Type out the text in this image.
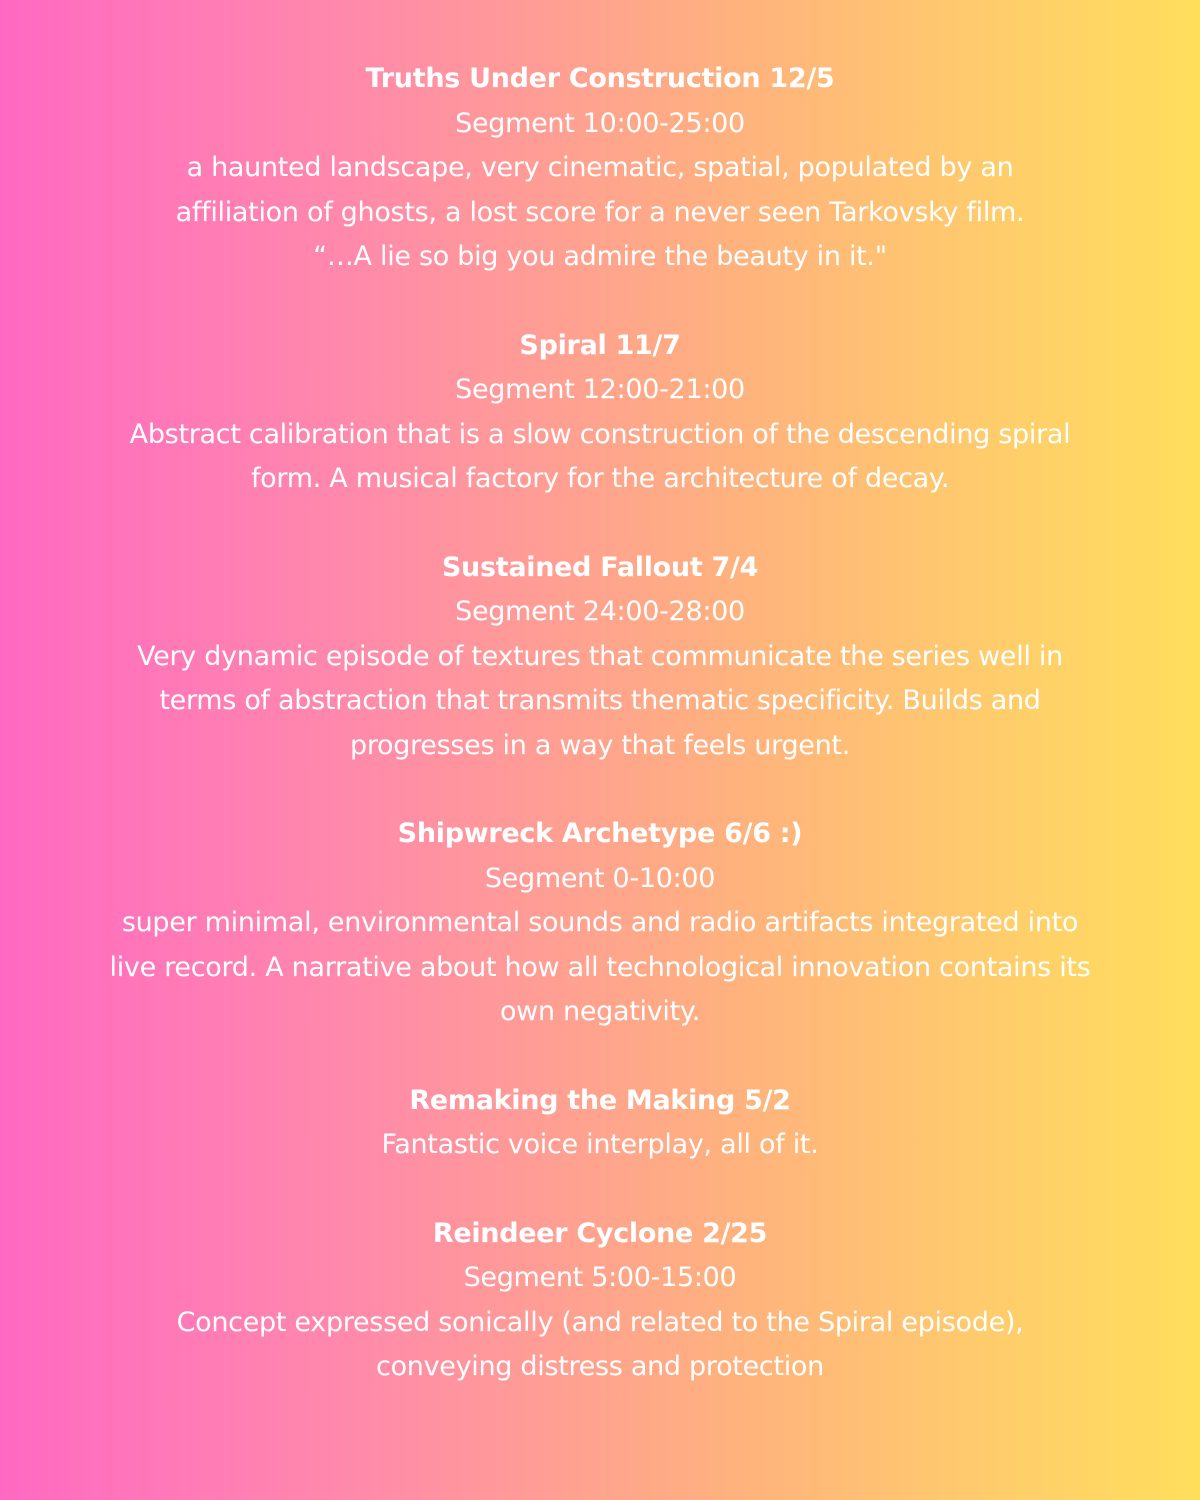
Truths Under Construction 12/5

Segment 10:00-25:00

a haunted landscape, very cinematic, spatial, populated by an affiliation of ghosts, a lost score for a never seen Tarkovsky film.

“…A lie so big you admire the beauty in it."

Spiral 11/7

Segment 12:00-21:00

Abstract calibration that is a slow construction of the descending spiral form. A musical factory for the architecture of decay.

Sustained Fallout 7/4

Segment 24:00-28:00

Very dynamic episode of textures that communicate the series well in terms of abstraction that transmits thematic specificity. Builds and progresses in a way that feels urgent.

Shipwreck Archetype 6/6 :)

Segment 0-10:00

super minimal, environmental sounds and radio artifacts integrated into live record. A narrative about how all technological innovation contains its own negativity.

Remaking the Making 5/2

Fantastic voice interplay, all of it.

Reindeer Cyclone 2/25

Segment 5:00-15:00

Concept expressed sonically (and related to the Spiral episode), conveying distress and protection
